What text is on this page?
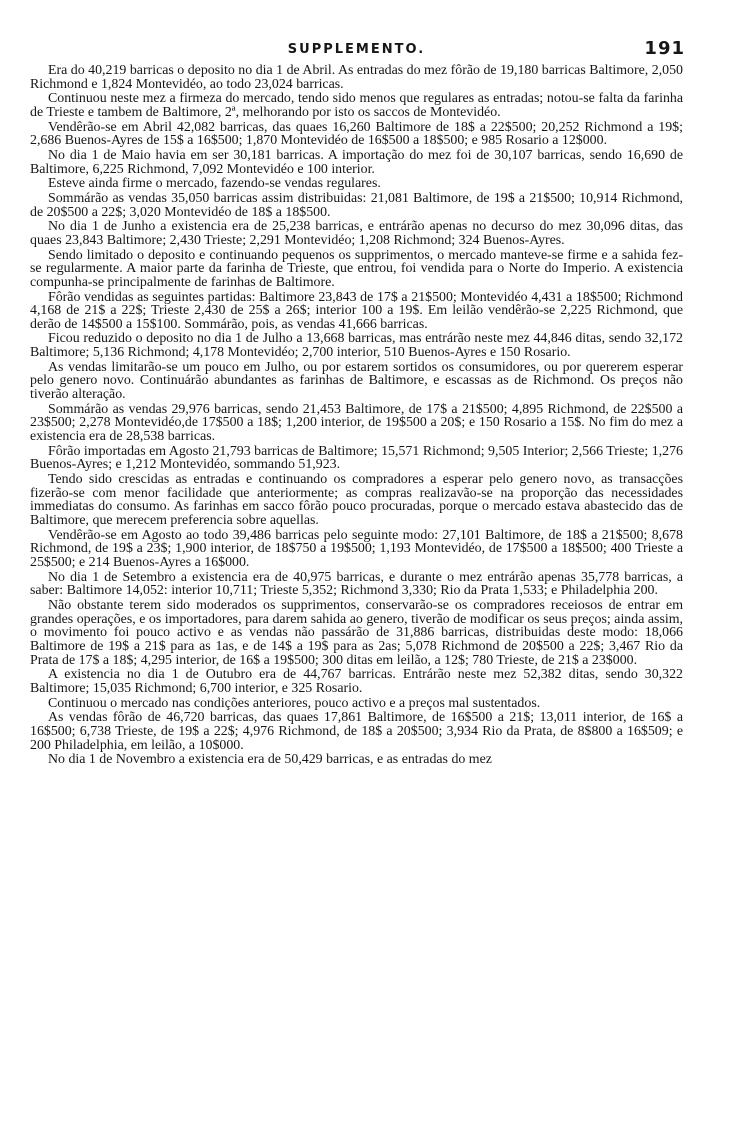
SUPPLEMENTO.	191

Era do 40,219 barricas o deposito no dia 1 de Abril. As entradas do mez fôrão de 19,180 barricas Baltimore, 2,050 Richmond e 1,824 Montevidéo, ao todo 23,024 barricas.

Continuou neste mez a firmeza do mercado, tendo sido menos que regulares as entradas; notou-se falta da farinha de Trieste e tambem de Baltimore, 2ª, melhorando por isto os saccos de Montevidéo.

Vendêrão-se em Abril 42,082 barricas, das quaes 16,260 Baltimore de 18$ a 22$500; 20,252 Richmond a 19$; 2,686 Buenos-Ayres de 15$ a 16$500; 1,870 Montevidéo de 16$500 a 18$500; e 985 Rosario a 12$000.

No dia 1 de Maio havia em ser 30,181 barricas. A importação do mez foi de 30,107 barricas, sendo 16,690 de Baltimore, 6,225 Richmond, 7,092 Montevidéo e 100 interior.

Esteve ainda firme o mercado, fazendo-se vendas regulares.

Sommárão as vendas 35,050 barricas assim distribuidas: 21,081 Baltimore, de 19$ a 21$500; 10,914 Richmond, de 20$500 a 22$; 3,020 Montevidéo de 18$ a 18$500.

No dia 1 de Junho a existencia era de 25,238 barricas, e entrárão apenas no decurso do mez 30,096 ditas, das quaes 23,843 Baltimore; 2,430 Trieste; 2,291 Montevidéo; 1,208 Richmond; 324 Buenos-Ayres.

Sendo limitado o deposito e continuando pequenos os supprimentos, o mercado manteve-se firme e a sahida fez-se regularmente. A maior parte da farinha de Trieste, que entrou, foi vendida para o Norte do Imperio. A existencia compunha-se principalmente de farinhas de Baltimore.

Fôrão vendidas as seguintes partidas: Baltimore 23,843 de 17$ a 21$500; Montevidéo 4,431 a 18$500; Richmond 4,168 de 21$ a 22$; Trieste 2,430 de 25$ a 26$; interior 100 a 19$. Em leilão vendêrão-se 2,225 Richmond, que derão de 14$500 a 15$100. Sommárão, pois, as vendas 41,666 barricas.

Ficou reduzido o deposito no dia 1 de Julho a 13,668 barricas, mas entrárão neste mez 44,846 ditas, sendo 32,172 Baltimore; 5,136 Richmond; 4,178 Montevidéo; 2,700 interior, 510 Buenos-Ayres e 150 Rosario.

As vendas limitarão-se um pouco em Julho, ou por estarem sortidos os consumidores, ou por quererem esperar pelo genero novo. Continuárão abundantes as farinhas de Baltimore, e escassas as de Richmond. Os preços não tiverão alteração.

Sommárão as vendas 29,976 barricas, sendo 21,453 Baltimore, de 17$ a 21$500; 4,895 Richmond, de 22$500 a 23$500; 2,278 Montevidéo,de 17$500 a 18$; 1,200 interior, de 19$500 a 20$; e 150 Rosario a 15$. No fim do mez a existencia era de 28,538 barricas.

Fôrão importadas em Agosto 21,793 barricas de Baltimore; 15,571 Richmond; 9,505 Interior; 2,566 Trieste; 1,276 Buenos-Ayres; e 1,212 Montevidéo, sommando 51,923.

Tendo sido crescidas as entradas e continuando os compradores a esperar pelo genero novo, as transacções fizerão-se com menor facilidade que anteriormente; as compras realizavão-se na proporção das necessidades immediatas do consumo. As farinhas em sacco fôrão pouco procuradas, porque o mercado estava abastecido das de Baltimore, que merecem preferencia sobre aquellas.

Vendêrão-se em Agosto ao todo 39,486 barricas pelo seguinte modo: 27,101 Baltimore, de 18$ a 21$500; 8,678 Richmond, de 19$ a 23$; 1,900 interior, de 18$750 a 19$500; 1,193 Montevidéo, de 17$500 a 18$500; 400 Trieste a 25$500; e 214 Buenos-Ayres a 16$000.

No dia 1 de Setembro a existencia era de 40,975 barricas, e durante o mez entrárão apenas 35,778 barricas, a saber: Baltimore 14,052: interior 10,711; Trieste 5,352; Richmond 3,330; Rio da Prata 1,533; e Philadelphia 200.

Não obstante terem sido moderados os supprimentos, conservarão-se os compradores receiosos de entrar em grandes operações, e os importadores, para darem sahida ao genero, tiverão de modificar os seus preços; ainda assim, o movimento foi pouco activo e as vendas não passárão de 31,886 barricas, distribuidas deste modo: 18,066 Baltimore de 19$ a 21$ para as 1as, e de 14$ a 19$ para as 2as; 5,078 Richmond de 20$500 a 22$; 3,467 Rio da Prata de 17$ a 18$; 4,295 interior, de 16$ a 19$500; 300 ditas em leilão, a 12$; 780 Trieste, de 21$ a 23$000.

A existencia no dia 1 de Outubro era de 44,767 barricas. Entrárão neste mez 52,382 ditas, sendo 30,322 Baltimore; 15,035 Richmond; 6,700 interior, e 325 Rosario.

Continuou o mercado nas condições anteriores, pouco activo e a preços mal sustentados.

As vendas fôrão de 46,720 barricas, das quaes 17,861 Baltimore, de 16$500 a 21$; 13,011 interior, de 16$ a 16$500; 6,738 Trieste, de 19$ a 22$; 4,976 Richmond, de 18$ a 20$500; 3,934 Rio da Prata, de 8$800 a 16$509; e 200 Philadelphia, em leilão, a 10$000.

No dia 1 de Novembro a existencia era de 50,429 barricas, e as entradas do mez
